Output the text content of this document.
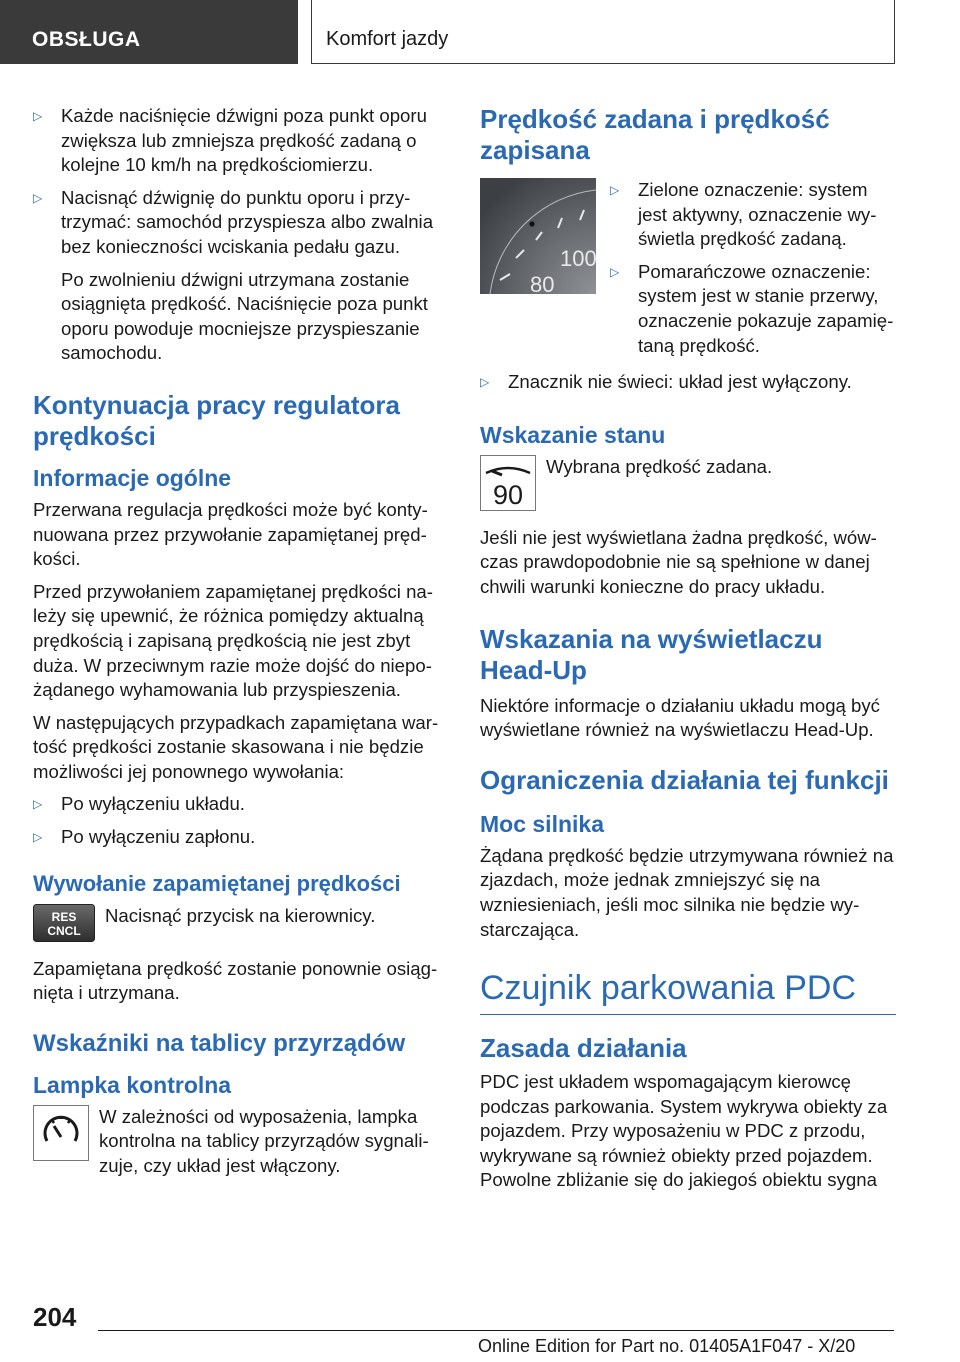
OBSŁUGA	Komfort jazdy
▷	Każde naciśnięcie dźwigni poza punkt oporu zwiększa lub zmniejsza prędkość zadaną o kolejne 10 km/h na prędkościomierzu.
▷	Nacisnąć dźwignię do punktu oporu i przytrzymać: samochód przyspiesza albo zwalnia bez konieczności wciskania pedału gazu.

Po zwolnieniu dźwigni utrzymana zostanie osiągnięta prędkość. Naciśnięcie poza punkt oporu powoduje mocniejsze przyspieszanie samochodu.

Kontynuacja pracy regulatora prędkości
Informacje ogólne

Przerwana regulacja prędkości może być kontynuowana przez przywołanie zapamiętanej prędkości.

Przed przywołaniem zapamiętanej prędkości należy się upewnić, że różnica pomiędzy aktualną prędkością i zapisaną prędkością nie jest zbyt duża. W przeciwnym razie może dojść do niepożądanego wyhamowania lub przyspieszenia.

W następujących przypadkach zapamiętana wartość prędkości zostanie skasowana i nie będzie możliwości jej ponownego wywołania:

▷	Po wyłączeniu układu.
▷	Po wyłączeniu zapłonu.
Wywołanie zapamiętanej prędkości
RES
CNCL

Nacisnąć przycisk na kierownicy.

Zapamiętana prędkość zostanie ponownie osiągnięta i utrzymana.

Wskaźniki na tablicy przyrządów
Lampka kontrolna

W zależności od wyposażenia, lampka kontrolna na tablicy przyrządów sygnalizuje, czy układ jest włączony.

Prędkość zadana i prędkość zapisana
100
80
▷	Zielone oznaczenie: system jest aktywny, oznaczenie wyświetla prędkość zadaną.
▷	Pomarańczowe oznaczenie: system jest w stanie przerwy, oznaczenie pokazuje zapamiętaną prędkość.
▷	Znacznik nie świeci: układ jest wyłączony.
Wskazanie stanu
90

Wybrana prędkość zadana.

Jeśli nie jest wyświetlana żadna prędkość, wówczas prawdopodobnie nie są spełnione w danej chwili warunki konieczne do pracy układu.

Wskazania na wyświetlaczu Head-Up

Niektóre informacje o działaniu układu mogą być wyświetlane również na wyświetlaczu Head-Up.

Ograniczenia działania tej funkcji
Moc silnika

Żądana prędkość będzie utrzymywana również na zjazdach, może jednak zmniejszyć się na wzniesieniach, jeśli moc silnika nie będzie wystarczająca.

Czujnik parkowania PDC
Zasada działania

PDC jest układem wspomagającym kierowcę podczas parkowania. System wykrywa obiekty za pojazdem. Przy wyposażeniu w PDC z przodu, wykrywane są również obiekty przed pojazdem. Powolne zbliżanie się do jakiegoś obiektu sygna

204
Online Edition for Part no. 01405A1F047 - X/20
